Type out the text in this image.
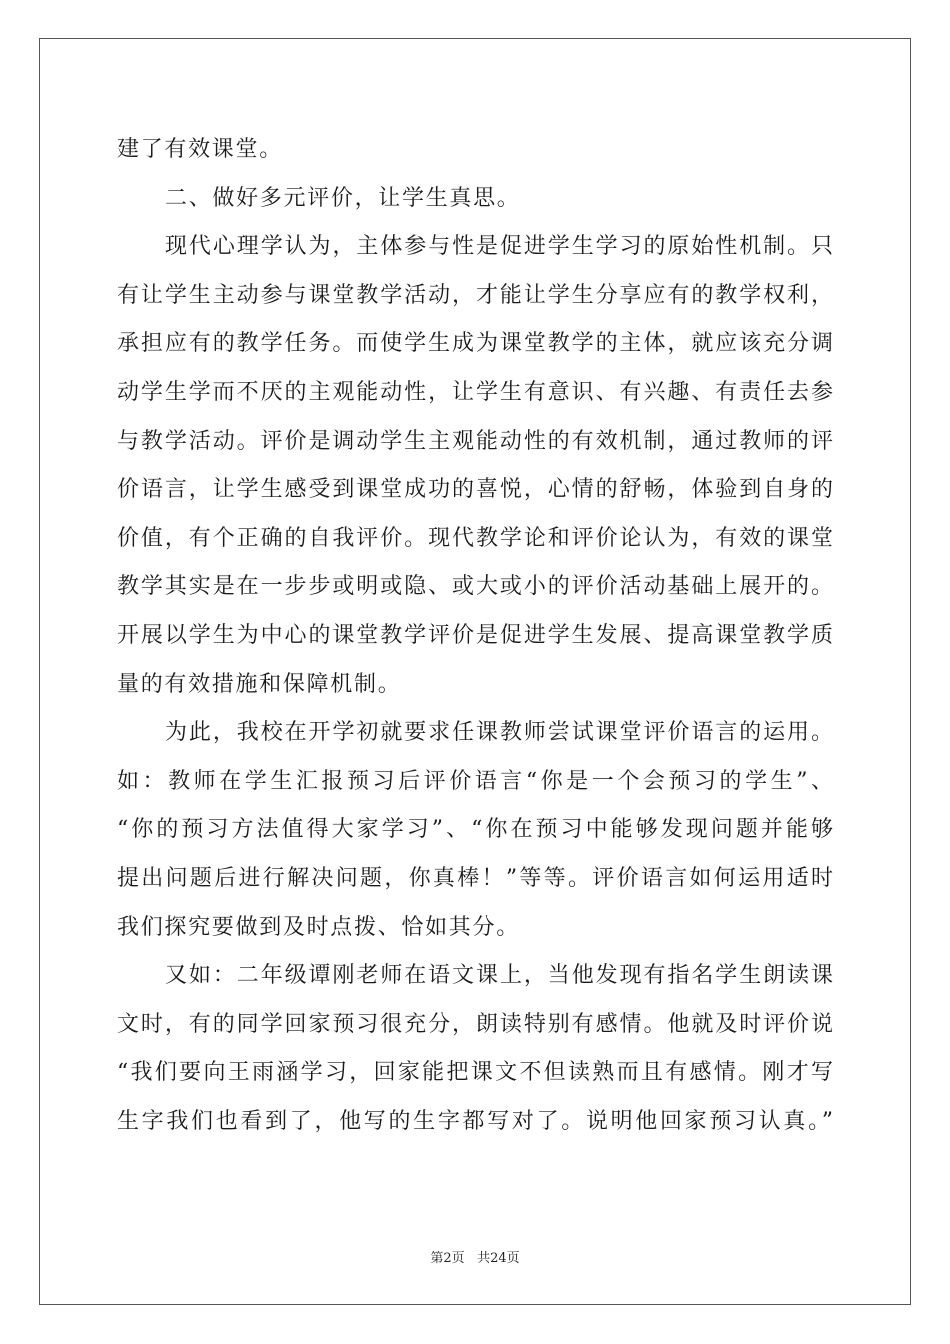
建了有效课堂。
二、做好多元评价，让学生真思。
现代心理学认为，主体参与性是促进学生学习的原始性机制。只
有让学生主动参与课堂教学活动，才能让学生分享应有的教学权利，
承担应有的教学任务。而使学生成为课堂教学的主体，就应该充分调
动学生学而不厌的主观能动性，让学生有意识、有兴趣、有责任去参
与教学活动。评价是调动学生主观能动性的有效机制，通过教师的评
价语言，让学生感受到课堂成功的喜悦，心情的舒畅，体验到自身的
价值，有个正确的自我评价。现代教学论和评价论认为，有效的课堂
教学其实是在一步步或明或隐、或大或小的评价活动基础上展开的。
开展以学生为中心的课堂教学评价是促进学生发展、提高课堂教学质
量的有效措施和保障机制。
为此，我校在开学初就要求任课教师尝试课堂评价语言的运用。
如：教师在学生汇报预习后评价语言“你是一个会预习的学生”、
“你的预习方法值得大家学习”、“你在预习中能够发现问题并能够
提出问题后进行解决问题，你真棒！”等等。评价语言如何运用适时
我们探究要做到及时点拨、恰如其分。
又如：二年级谭刚老师在语文课上，当他发现有指名学生朗读课
文时，有的同学回家预习很充分，朗读特别有感情。他就及时评价说
“我们要向王雨涵学习，回家能把课文不但读熟而且有感情。刚才写
生字我们也看到了，他写的生字都写对了。说明他回家预习认真。”
第2页 共24页
